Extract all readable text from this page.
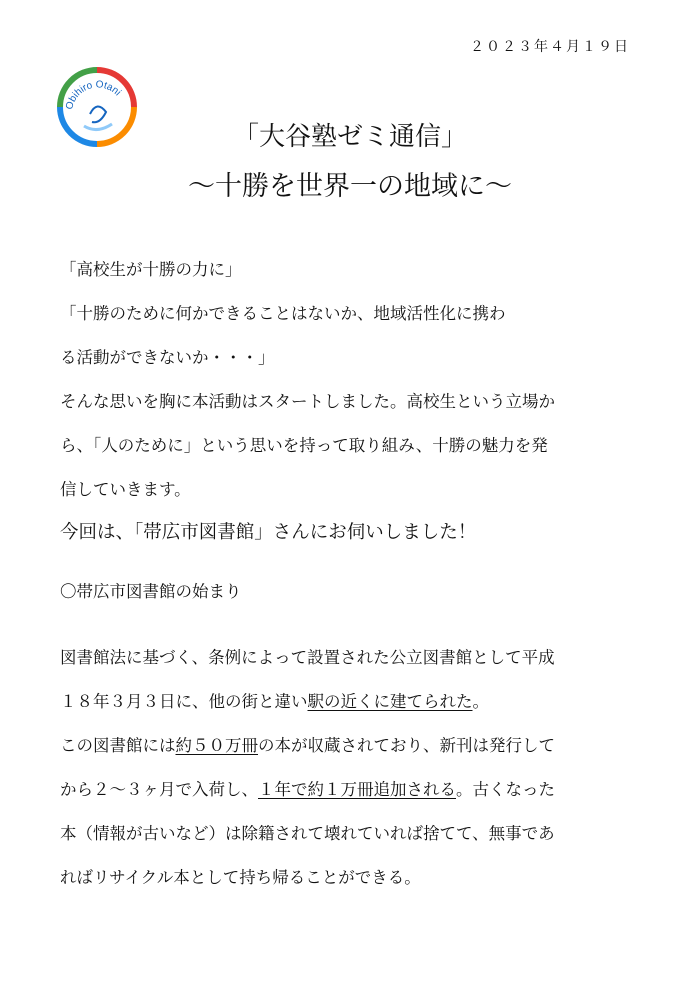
２０２３年４月１９日
Obihiro Otani
「大谷塾ゼミ通信」
～十勝を世界一の地域に～
「高校生が十勝の力に」
「十勝のために何かできることはないか、地域活性化に携わ
る活動ができないか・・・」
そんな思いを胸に本活動はスタートしました。高校生という立場か
ら、「人のために」という思いを持って取り組み、十勝の魅力を発
信していきます。
今回は、「帯広市図書館」さんにお伺いしました！
〇帯広市図書館の始まり
図書館法に基づく、条例によって設置された公立図書館として平成
１８年３月３日に、他の街と違い駅の近くに建てられた。
この図書館には約５０万冊の本が収蔵されており、新刊は発行して
から２～３ヶ月で入荷し、１年で約１万冊追加される。古くなった
本（情報が古いなど）は除籍されて壊れていれば捨てて、無事であ
ればリサイクル本として持ち帰ることができる。
